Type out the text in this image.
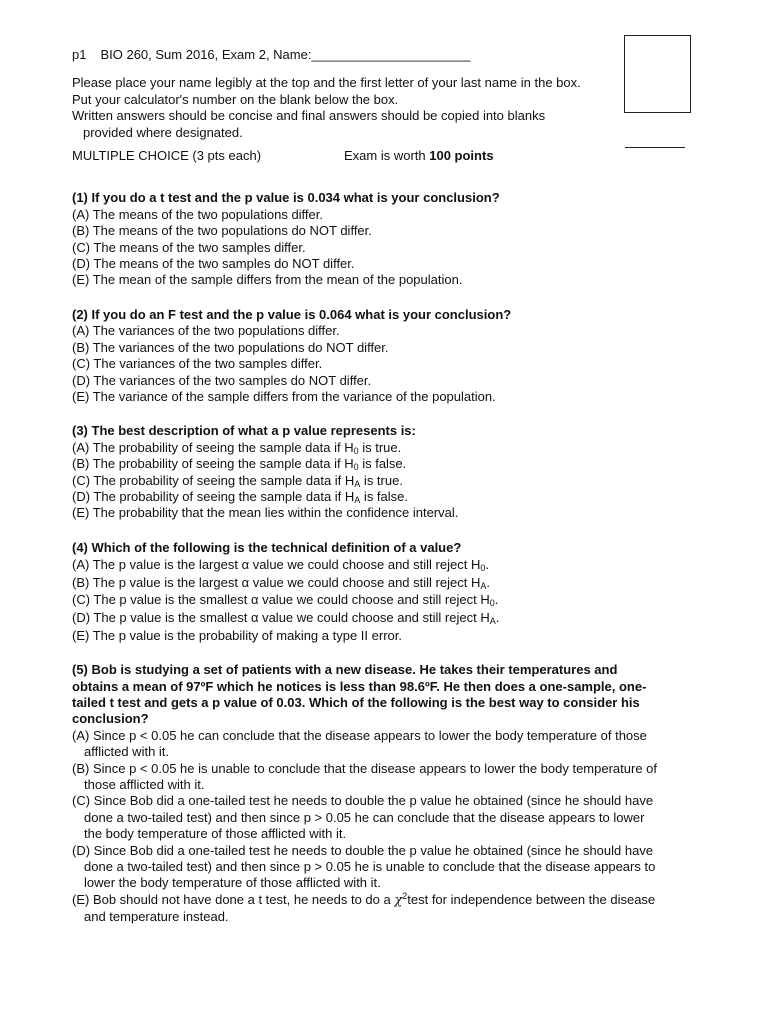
p1 BIO 260, Sum 2016, Exam 2, Name:______________________
Please place your name legibly at the top and the first letter of your last name in the box.
Put your calculator's number on the blank below the box.
Written answers should be concise and final answers should be copied into blanks
provided where designated.
MULTIPLE CHOICE (3 pts each)	Exam is worth 100 points
(1) If you do a t test and the p value is 0.034 what is your conclusion?
(A) The means of the two populations differ.
(B) The means of the two populations do NOT differ.
(C) The means of the two samples differ.
(D) The means of the two samples do NOT differ.
(E) The mean of the sample differs from the mean of the population.
(2) If you do an F test and the p value is 0.064 what is your conclusion?
(A) The variances of the two populations differ.
(B) The variances of the two populations do NOT differ.
(C) The variances of the two samples differ.
(D) The variances of the two samples do NOT differ.
(E) The variance of the sample differs from the variance of the population.
(3) The best description of what a p value represents is:
(A) The probability of seeing the sample data if $H_0$ is true.
(B) The probability of seeing the sample data if $H_0$ is false.
(C) The probability of seeing the sample data if $H_A$ is true.
(D) The probability of seeing the sample data if $H_A$ is false.
(E) The probability that the mean lies within the confidence interval.
(4) Which of the following is the technical definition of a value?
(A) The p value is the largest α value we could choose and still reject $H_0$.
(B) The p value is the largest α value we could choose and still reject $H_A$.
(C) The p value is the smallest α value we could choose and still reject $H_0$.
(D) The p value is the smallest α value we could choose and still reject $H_A$.
(E) The p value is the probability of making a type II error.
(5) Bob is studying a set of patients with a new disease. He takes their temperatures and
obtains a mean of 97ºF which he notices is less than 98.6ºF. He then does a one-sample, one-
tailed t test and gets a p value of 0.03. Which of the following is the best way to consider his
conclusion?
(A) Since p < 0.05 he can conclude that the disease appears to lower the body temperature of those
afflicted with it.
(B) Since p < 0.05 he is unable to conclude that the disease appears to lower the body temperature of
those afflicted with it.
(C) Since Bob did a one-tailed test he needs to double the p value he obtained (since he should have
done a two-tailed test) and then since p > 0.05 he can conclude that the disease appears to lower
the body temperature of those afflicted with it.
(D) Since Bob did a one-tailed test he needs to double the p value he obtained (since he should have
done a two-tailed test) and then since p > 0.05 he is unable to conclude that the disease appears to
lower the body temperature of those afflicted with it.
(E) Bob should not have done a t test, he needs to do a $\chi^2test$ for independence between the disease
and temperature instead.
